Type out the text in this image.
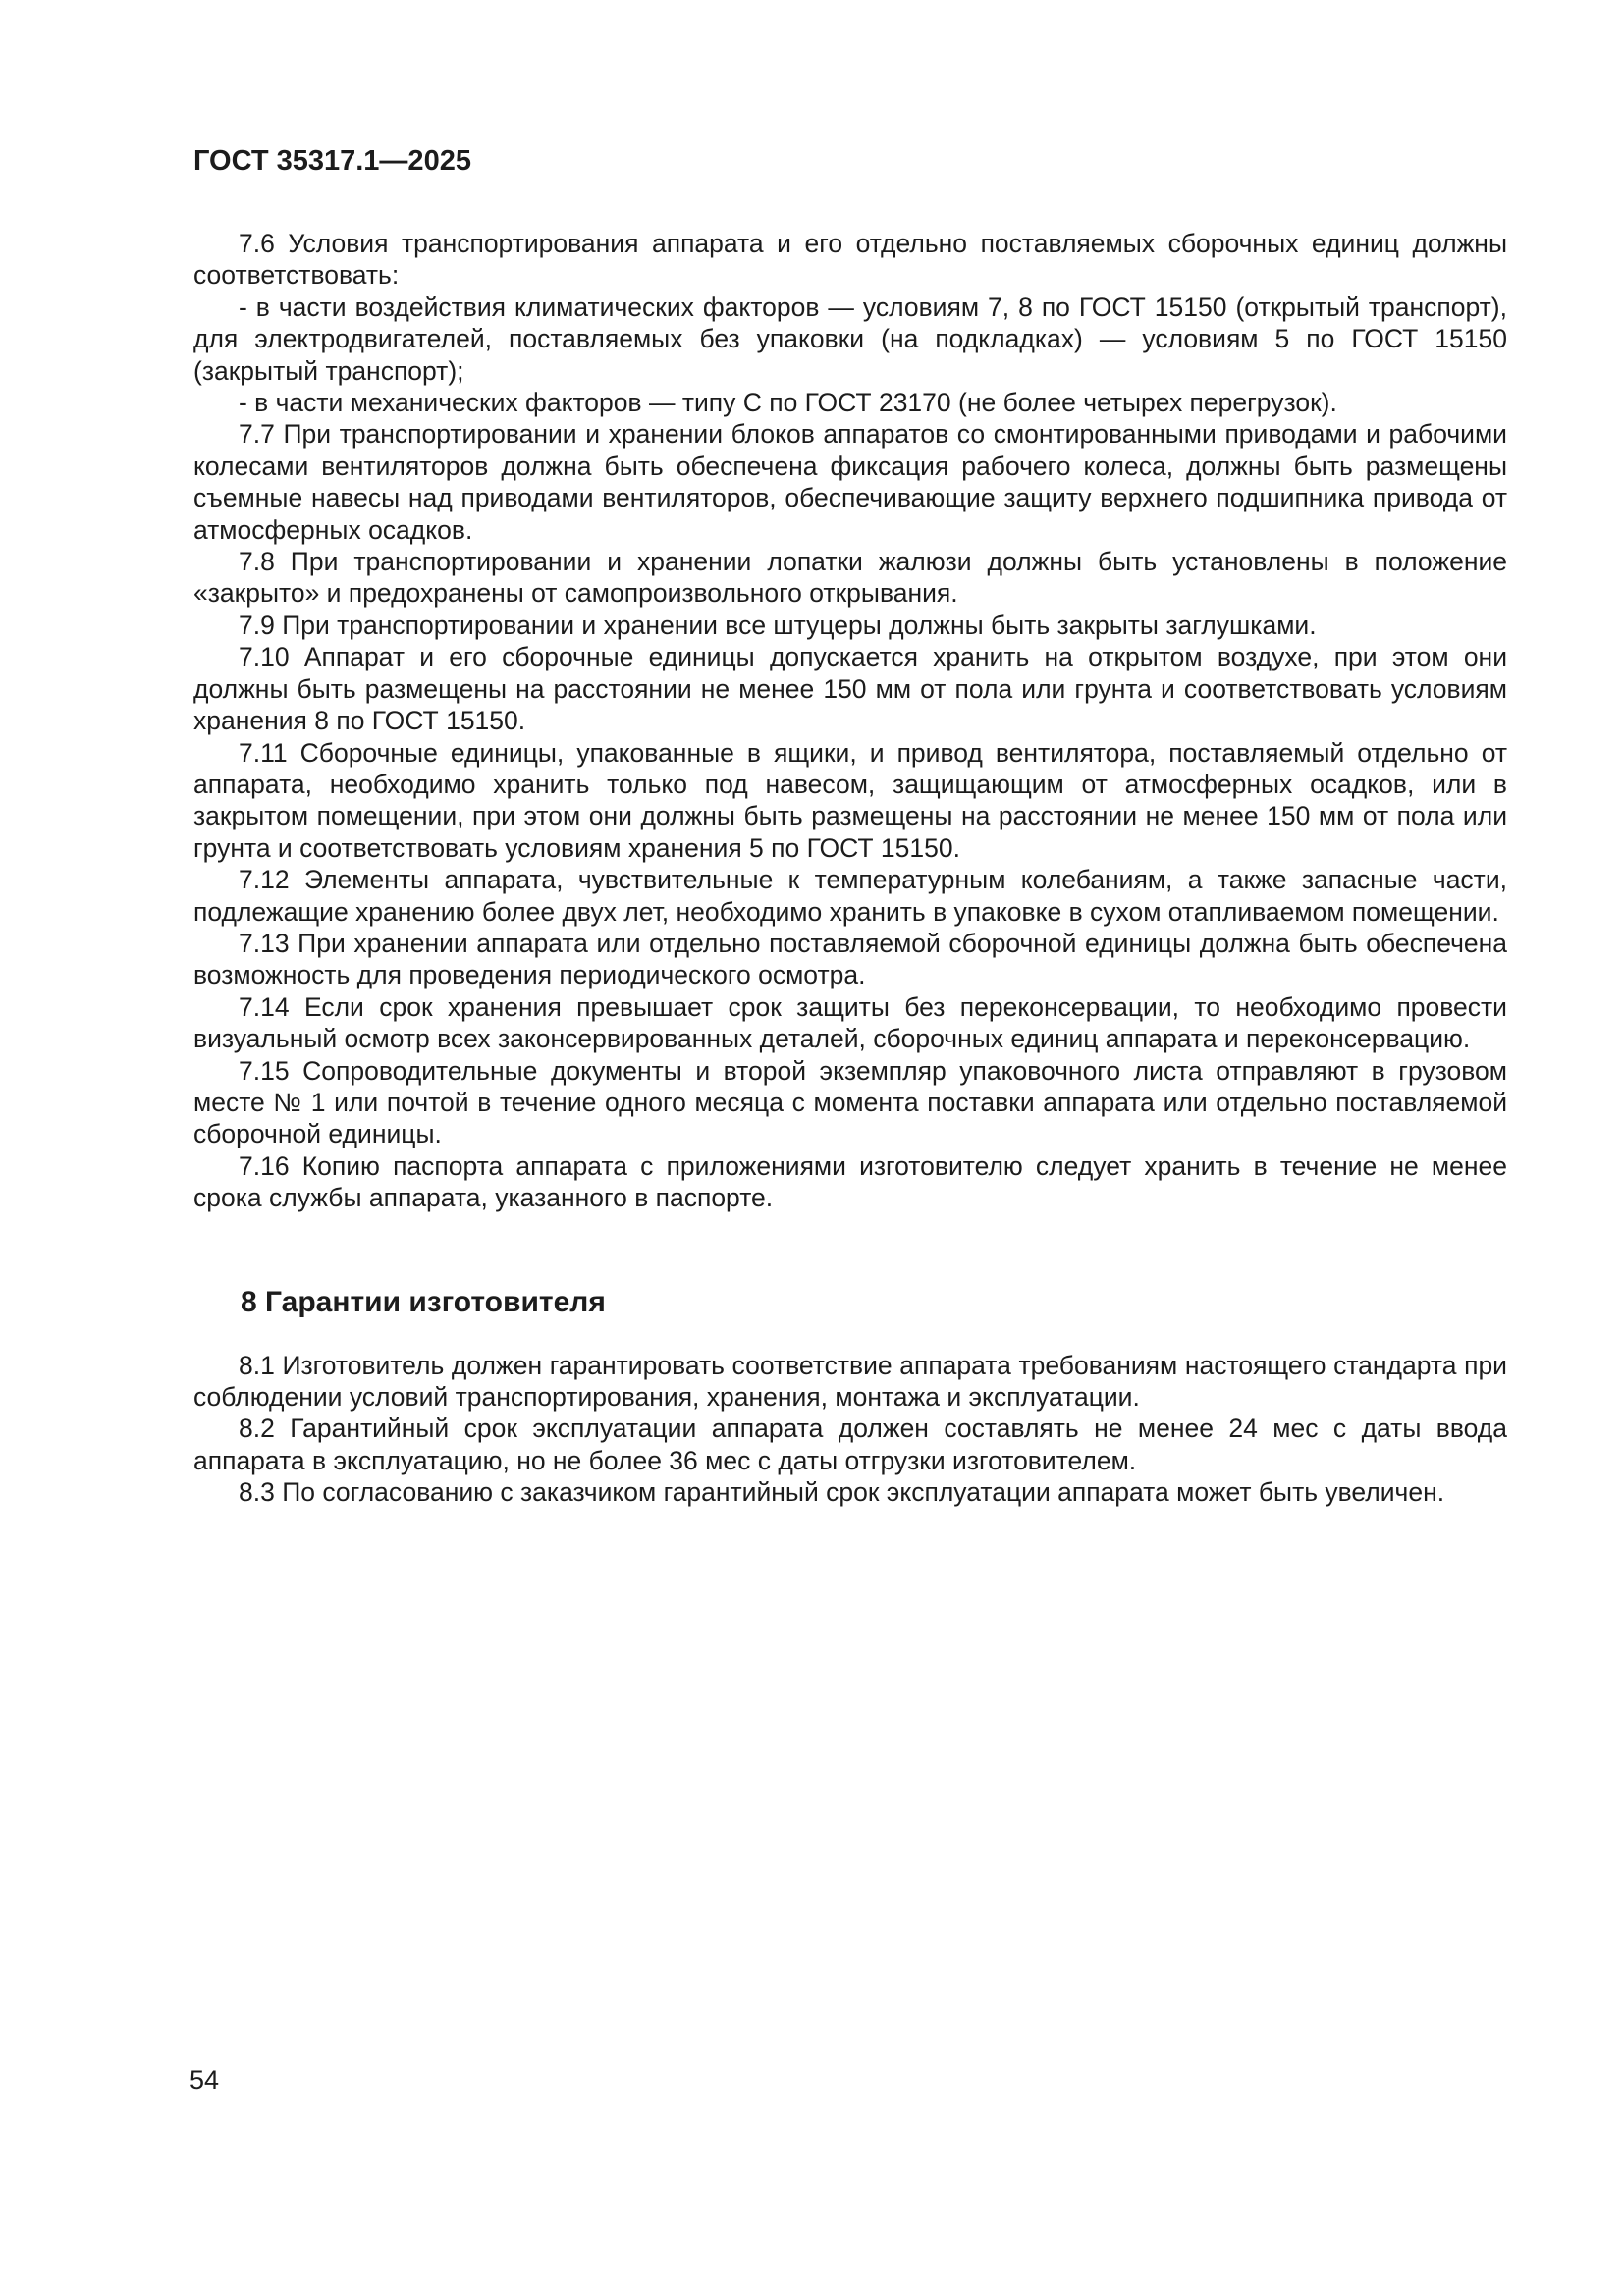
ГОСТ 35317.1—2025

7.6 Условия транспортирования аппарата и его отдельно поставляемых сборочных единиц должны соответствовать:

- в части воздействия климатических факторов — условиям 7, 8 по ГОСТ 15150 (открытый транспорт), для электродвигателей, поставляемых без упаковки (на подкладках) — условиям 5 по ГОСТ 15150 (закрытый транспорт);

- в части механических факторов — типу С по ГОСТ 23170 (не более четырех перегрузок).

7.7 При транспортировании и хранении блоков аппаратов со смонтированными приводами и рабочими колесами вентиляторов должна быть обеспечена фиксация рабочего колеса, должны быть размещены съемные навесы над приводами вентиляторов, обеспечивающие защиту верхнего подшипника привода от атмосферных осадков.

7.8 При транспортировании и хранении лопатки жалюзи должны быть установлены в положение «закрыто» и предохранены от самопроизвольного открывания.

7.9 При транспортировании и хранении все штуцеры должны быть закрыты заглушками.

7.10 Аппарат и его сборочные единицы допускается хранить на открытом воздухе, при этом они должны быть размещены на расстоянии не менее 150 мм от пола или грунта и соответствовать условиям хранения 8 по ГОСТ 15150.

7.11 Сборочные единицы, упакованные в ящики, и привод вентилятора, поставляемый отдельно от аппарата, необходимо хранить только под навесом, защищающим от атмосферных осадков, или в закрытом помещении, при этом они должны быть размещены на расстоянии не менее 150 мм от пола или грунта и соответствовать условиям хранения 5 по ГОСТ 15150.

7.12 Элементы аппарата, чувствительные к температурным колебаниям, а также запасные части, подлежащие хранению более двух лет, необходимо хранить в упаковке в сухом отапливаемом помещении.

7.13 При хранении аппарата или отдельно поставляемой сборочной единицы должна быть обеспечена возможность для проведения периодического осмотра.

7.14 Если срок хранения превышает срок защиты без переконсервации, то необходимо провести визуальный осмотр всех законсервированных деталей, сборочных единиц аппарата и переконсервацию.

7.15 Сопроводительные документы и второй экземпляр упаковочного листа отправляют в грузовом месте № 1 или почтой в течение одного месяца с момента поставки аппарата или отдельно поставляемой сборочной единицы.

7.16 Копию паспорта аппарата с приложениями изготовителю следует хранить в течение не менее срока службы аппарата, указанного в паспорте.

8 Гарантии изготовителя

8.1 Изготовитель должен гарантировать соответствие аппарата требованиям настоящего стандарта при соблюдении условий транспортирования, хранения, монтажа и эксплуатации.

8.2 Гарантийный срок эксплуатации аппарата должен составлять не менее 24 мес с даты ввода аппарата в эксплуатацию, но не более 36 мес с даты отгрузки изготовителем.

8.3 По согласованию с заказчиком гарантийный срок эксплуатации аппарата может быть увеличен.

54
